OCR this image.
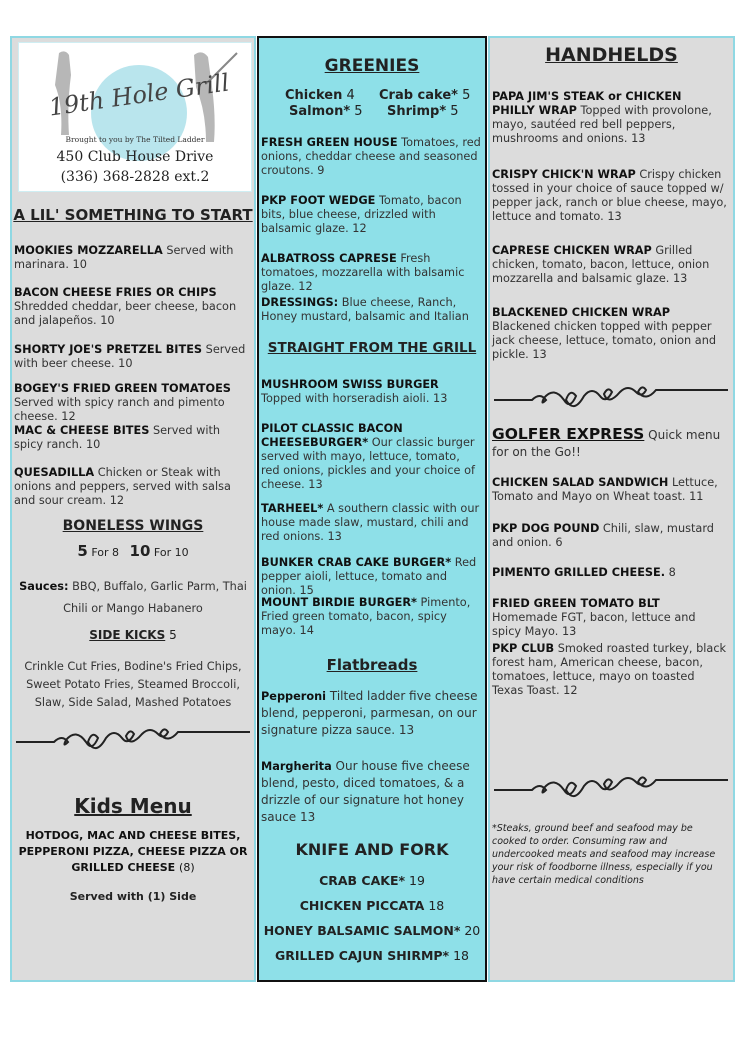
19th Hole Grill
Brought to you by The Tilted Ladder
450 Club House Drive
(336) 368-2828 ext.2
A LIL' SOMETHING TO START
MOOKIES MOZZARELLA Served with marinara. 10
BACON CHEESE FRIES OR CHIPS Shredded cheddar, beer cheese, bacon and jalapeños. 10
SHORTY JOE'S PRETZEL BITES Served with beer cheese. 10
BOGEY'S FRIED GREEN TOMATOES Served with spicy ranch and pimento cheese. 12
MAC & CHEESE BITES Served with spicy ranch. 10
QUESADILLA Chicken or Steak with onions and peppers, served with salsa and sour cream. 12
BONELESS WINGS
5 For 8 10 For 10
Sauces: BBQ, Buffalo, Garlic Parm, Thai
Chili or Mango Habanero
SIDE KICKS 5
Crinkle Cut Fries, Bodine's Fried Chips,
Sweet Potato Fries, Steamed Broccoli,
Slaw, Side Salad, Mashed Potatoes
Kids Menu
HOTDOG, MAC AND CHEESE BITES,
PEPPERONI PIZZA, CHEESE PIZZA OR
GRILLED CHEESE (8)
Served with (1) Side
GREENIES
Chicken 4 Crab cake* 5
Salmon* 5 Shrimp* 5
FRESH GREEN HOUSE Tomatoes, red onions, cheddar cheese and seasoned croutons. 9
PKP FOOT WEDGE Tomato, bacon bits, blue cheese, drizzled with balsamic glaze. 12
ALBATROSS CAPRESE Fresh tomatoes, mozzarella with balsamic glaze. 12
DRESSINGS: Blue cheese, Ranch, Honey mustard, balsamic and Italian
STRAIGHT FROM THE GRILL
MUSHROOM SWISS BURGER Topped with horseradish aioli. 13
PILOT CLASSIC BACON CHEESEBURGER* Our classic burger served with mayo, lettuce, tomato, red onions, pickles and your choice of cheese. 13
TARHEEL* A southern classic with our house made slaw, mustard, chili and red onions. 13
BUNKER CRAB CAKE BURGER* Red pepper aioli, lettuce, tomato and onion. 15
MOUNT BIRDIE BURGER* Pimento, Fried green tomato, bacon, spicy mayo. 14
Flatbreads
Pepperoni Tilted ladder five cheese blend, pepperoni, parmesan, on our signature pizza sauce. 13
Margherita Our house five cheese blend, pesto, diced tomatoes, & a drizzle of our signature hot honey sauce 13
KNIFE AND FORK
CRAB CAKE* 19
CHICKEN PICCATA 18
HONEY BALSAMIC SALMON* 20
GRILLED CAJUN SHIRMP* 18
HANDHELDS
PAPA JIM'S STEAK or CHICKEN PHILLY WRAP Topped with provolone, mayo, sautéed red bell peppers, mushrooms and onions. 13
CRISPY CHICK'N WRAP Crispy chicken tossed in your choice of sauce topped w/ pepper jack, ranch or blue cheese, mayo, lettuce and tomato. 13
CAPRESE CHICKEN WRAP Grilled chicken, tomato, bacon, lettuce, onion mozzarella and balsamic glaze. 13
BLACKENED CHICKEN WRAP Blackened chicken topped with pepper jack cheese, lettuce, tomato, onion and pickle. 13
GOLFER EXPRESS Quick menu for on the Go!!
CHICKEN SALAD SANDWICH Lettuce, Tomato and Mayo on Wheat toast. 11
PKP DOG POUND Chili, slaw, mustard and onion. 6
PIMENTO GRILLED CHEESE. 8
FRIED GREEN TOMATO BLT Homemade FGT, bacon, lettuce and spicy Mayo. 13
PKP CLUB Smoked roasted turkey, black forest ham, American cheese, bacon, tomatoes, lettuce, mayo on toasted Texas Toast. 12
*Steaks, ground beef and seafood may be cooked to order. Consuming raw and undercooked meats and seafood may increase your risk of foodborne illness, especially if you have certain medical conditions
